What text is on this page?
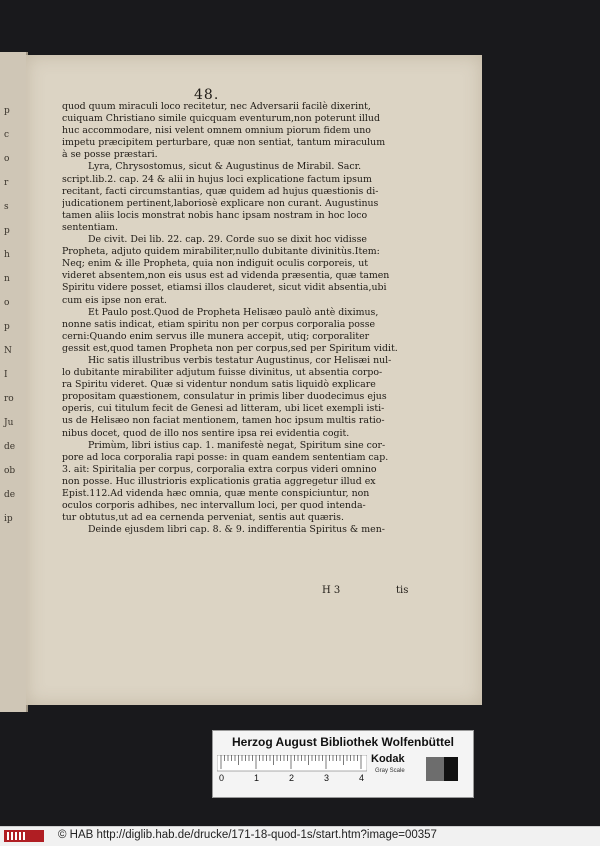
p
c
o
r
s
p
h
n
o
p
N
I
ro
Ju
de
ob
de
ip
48.
quod quum miraculi loco recitetur, nec Adversarii facilè dixerint,
cuiquam Christiano simile quicquam eventurum,non poterunt illud
huc accommodare, nisi velent omnem omnium piorum fidem uno
impetu præcipitem perturbare, quæ non sentiat, tantum miraculum
à se posse præstari.
Lyra, Chrysostomus, sicut & Augustinus de Mirabil. Sacr.
script.lib.2. cap. 24 & alii in hujus loci explicatione factum ipsum
recitant, facti circumstantias, quæ quidem ad hujus quæstionis di-
judicationem pertinent,laboriosè explicare non curant. Augustinus
tamen aliis locis monstrat nobis hanc ipsam nostram in hoc loco
sententiam.
De civit. Dei lib. 22. cap. 29. Corde suo se dixit hoc vidisse
Propheta, adjuto quidem mirabiliter,nullo dubitante divinitùs.Item:
Neq; enim & ille Propheta, quia non indiguit oculis corporeis, ut
videret absentem,non eis usus est ad videnda præsentia, quæ tamen
Spiritu videre posset, etiamsi illos clauderet, sicut vidit absentia,ubi
cum eis ipse non erat.
Et Paulo post.Quod de Propheta Helisæo paulò antè diximus,
nonne satis indicat, etiam spiritu non per corpus corporalia posse
cerni:Quando enim servus ille munera accepit, utiq; corporaliter
gessit est,quod tamen Propheta non per corpus,sed per Spiritum vidit.
Hic satis illustribus verbis testatur Augustinus, cor Helisæi nul-
lo dubitante mirabiliter adjutum fuisse divinitus, ut absentia corpo-
ra Spiritu videret. Quæ si videntur nondum satis liquidò explicare
propositam quæstionem, consulatur in primis liber duodecimus ejus
operis, cui titulum fecit de Genesi ad litteram, ubi licet exempli isti-
us de Helisæo non faciat mentionem, tamen hoc ipsum multis ratio-
nibus docet, quod de illo nos sentire ipsa rei evidentia cogit.
Primùm, libri istius cap. 1. manifestè negat, Spiritum sine cor-
pore ad loca corporalia rapi posse: in quam eandem sententiam cap.
3. ait: Spiritalia per corpus, corporalia extra corpus videri omnino
non posse. Huc illustrioris explicationis gratia aggregetur illud ex
Epist.112.Ad videnda hæc omnia, quæ mente conspiciuntur, non
oculos corporis adhibes, nec intervallum loci, per quod intenda-
tur obtutus,ut ad ea cernenda perveniat, sentis aut quæris.
Deinde ejusdem libri cap. 8. & 9. indifferentia Spiritus & men-
H 3	tis
Herzog August Bibliothek Wolfenbüttel
0	1	2	3	4
Kodak
Gray Scale
© HAB http://diglib.hab.de/drucke/171-18-quod-1s/start.htm?image=00357
